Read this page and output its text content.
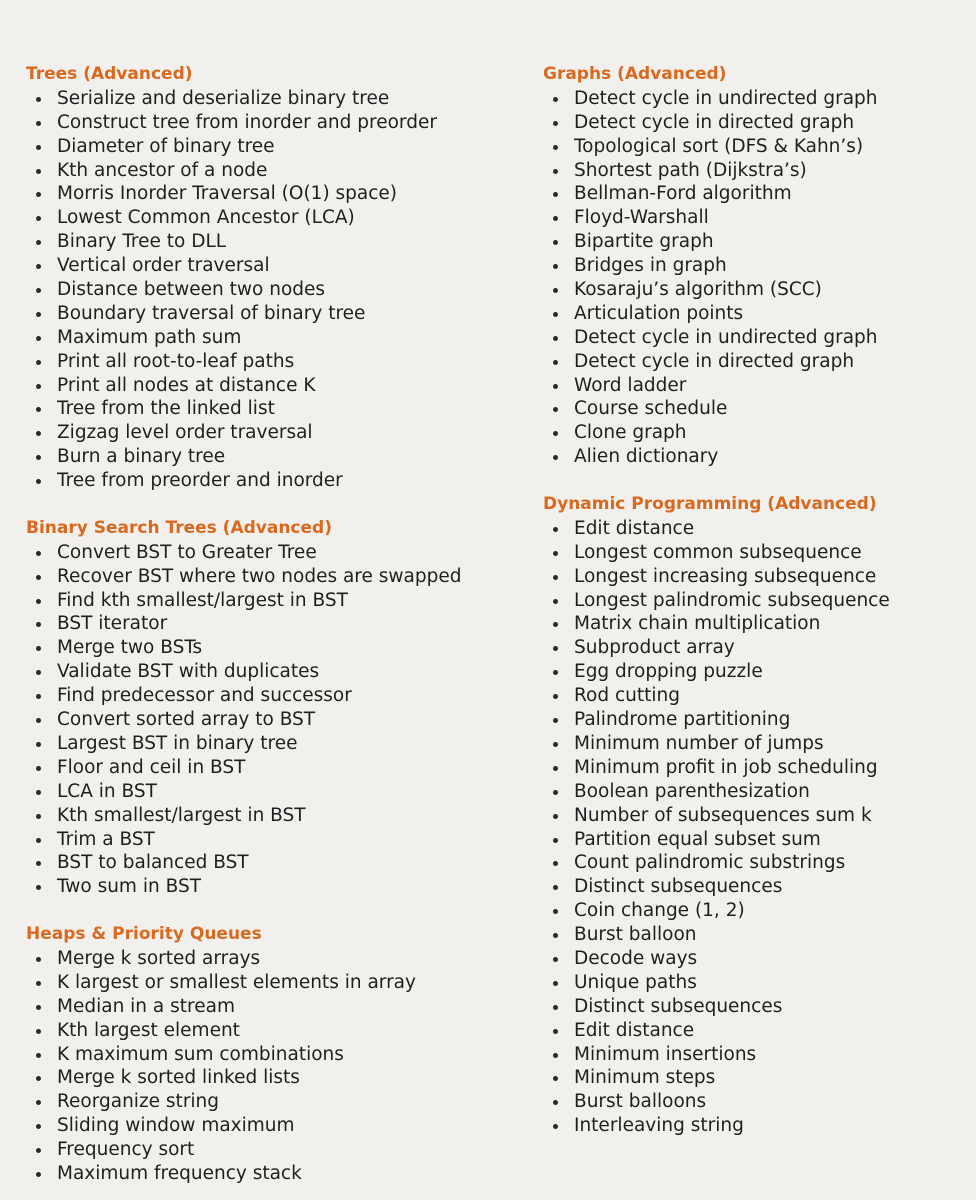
Trees (Advanced)
Serialize and deserialize binary tree
Construct tree from inorder and preorder
Diameter of binary tree
Kth ancestor of a node
Morris Inorder Traversal (O(1) space)
Lowest Common Ancestor (LCA)
Binary Tree to DLL
Vertical order traversal
Distance between two nodes
Boundary traversal of binary tree
Maximum path sum
Print all root-to-leaf paths
Print all nodes at distance K
Tree from the linked list
Zigzag level order traversal
Burn a binary tree
Tree from preorder and inorder
Binary Search Trees (Advanced)
Convert BST to Greater Tree
Recover BST where two nodes are swapped
Find kth smallest/largest in BST
BST iterator
Merge two BSTs
Validate BST with duplicates
Find predecessor and successor
Convert sorted array to BST
Largest BST in binary tree
Floor and ceil in BST
LCA in BST
Kth smallest/largest in BST
Trim a BST
BST to balanced BST
Two sum in BST
Heaps & Priority Queues
Merge k sorted arrays
K largest or smallest elements in array
Median in a stream
Kth largest element
K maximum sum combinations
Merge k sorted linked lists
Reorganize string
Sliding window maximum
Frequency sort
Maximum frequency stack
Graphs (Advanced)
Detect cycle in undirected graph
Detect cycle in directed graph
Topological sort (DFS & Kahn’s)
Shortest path (Dijkstra’s)
Bellman-Ford algorithm
Floyd-Warshall
Bipartite graph
Bridges in graph
Kosaraju’s algorithm (SCC)
Articulation points
Detect cycle in undirected graph
Detect cycle in directed graph
Word ladder
Course schedule
Clone graph
Alien dictionary
Dynamic Programming (Advanced)
Edit distance
Longest common subsequence
Longest increasing subsequence
Longest palindromic subsequence
Matrix chain multiplication
Subproduct array
Egg dropping puzzle
Rod cutting
Palindrome partitioning
Minimum number of jumps
Minimum profit in job scheduling
Boolean parenthesization
Number of subsequences sum k
Partition equal subset sum
Count palindromic substrings
Distinct subsequences
Coin change (1, 2)
Burst balloon
Decode ways
Unique paths
Distinct subsequences
Edit distance
Minimum insertions
Minimum steps
Burst balloons
Interleaving string
